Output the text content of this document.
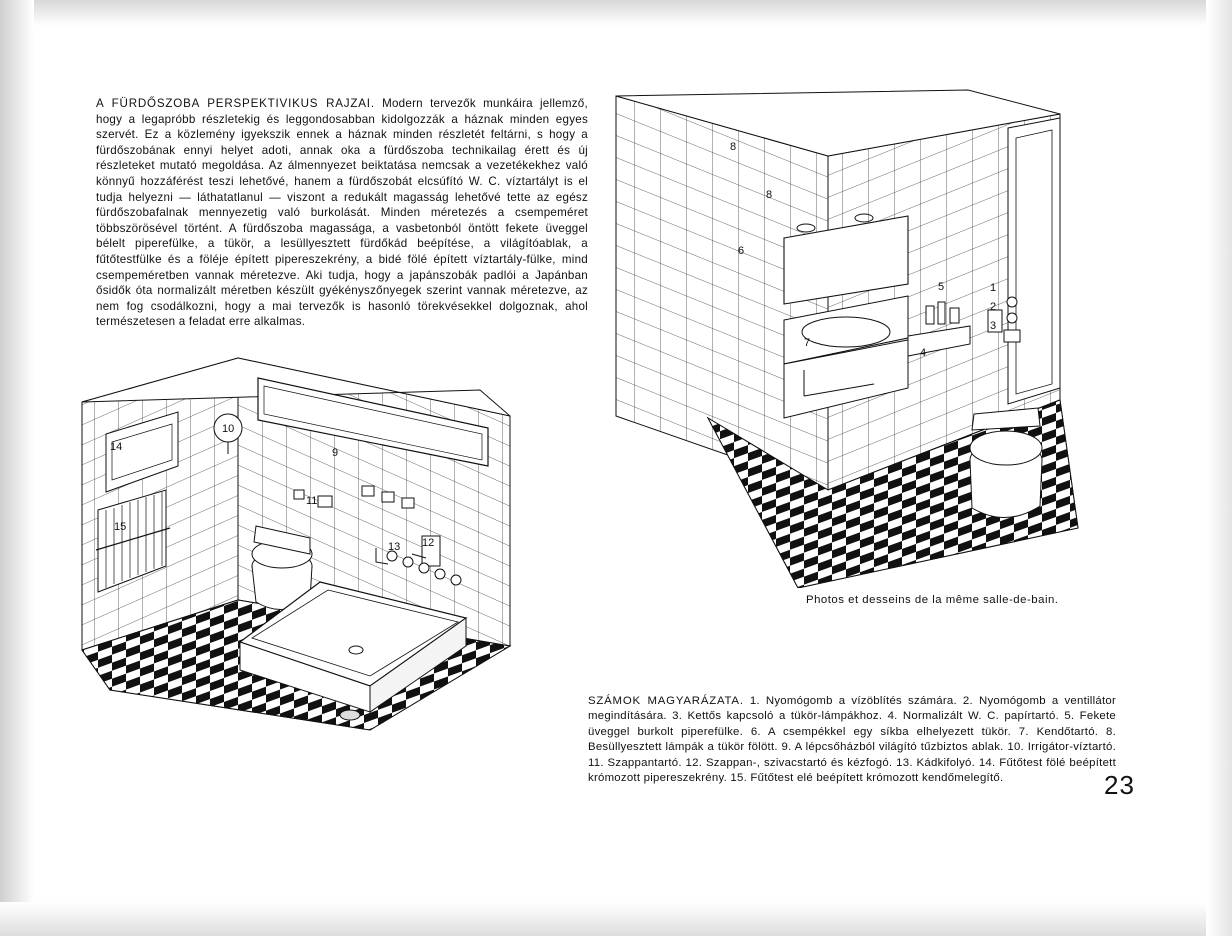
A FÜRDŐSZOBA PERSPEKTIVIKUS RAJZAI. Modern tervezők munkáira jellemző, hogy a legapróbb részletekig és leggondosabban kidolgozzák a háznak minden egyes szervét. Ez a közlemény igyekszik ennek a háznak minden részletét feltárni, s hogy a fürdőszobának ennyi helyet adoti, annak oka a fürdőszoba technikailag érett és új részleteket mutató megoldása. Az álmennyezet beiktatása nemcsak a vezetékekhez való könnyű hozzáférést teszi lehetővé, hanem a fürdőszobát elcsúfító W. C. víztartályt is el tudja helyezni — láthatatlanul — viszont a redukált magasság lehetővé tette az egész fürdőszobafalnak mennyezetig való burkolását. Minden méretezés a csempeméret többszörösével történt. A fürdőszoba magassága, a vasbetonból öntött fekete üveggel bélelt piperefülke, a tükör, a lesüllyesztett fürdőkád beépítése, a világítóablak, a fűtőtestfülke és a föléje épített pipereszekrény, a bidé fölé épített víztartály-fülke, mind csempeméretben vannak méretezve. Aki tudja, hogy a japánszobák padlói a Japánban ősidők óta normalizált méretben készült gyékényszőnyegek szerint vannak méretezve, az nem fog csodálkozni, hogy a mai tervezők is hasonló törekvésekkel dolgoznak, ahol természetesen a feladat erre alkalmas.
8
8
6
5	1
2
3
7
4
Photos et desseins de la même salle-de-bain.
14
15
10
9
11
13 12
SZÁMOK MAGYARÁZATA. 1. Nyomógomb a vízöblítés számára. 2. Nyomógomb a ventillátor megindítására. 3. Kettős kapcsoló a tükör-lámpákhoz. 4. Normalizált W. C. papírtartó. 5. Fekete üveggel burkolt piperefülke. 6. A csempékkel egy síkba elhelyezett tükör. 7. Kendőtartó. 8. Besüllyesztett lámpák a tükör fölött. 9. A lépcsőházból világító tűzbiztos ablak. 10. Irrigátor-víztartó. 11. Szappantartó. 12. Szappan-, szivacstartó és kézfogó. 13. Kádkifolyó. 14. Fűtőtest fölé beépített krómozott pipereszekrény. 15. Fűtőtest elé beépített krómozott kendőmelegítő.	23
